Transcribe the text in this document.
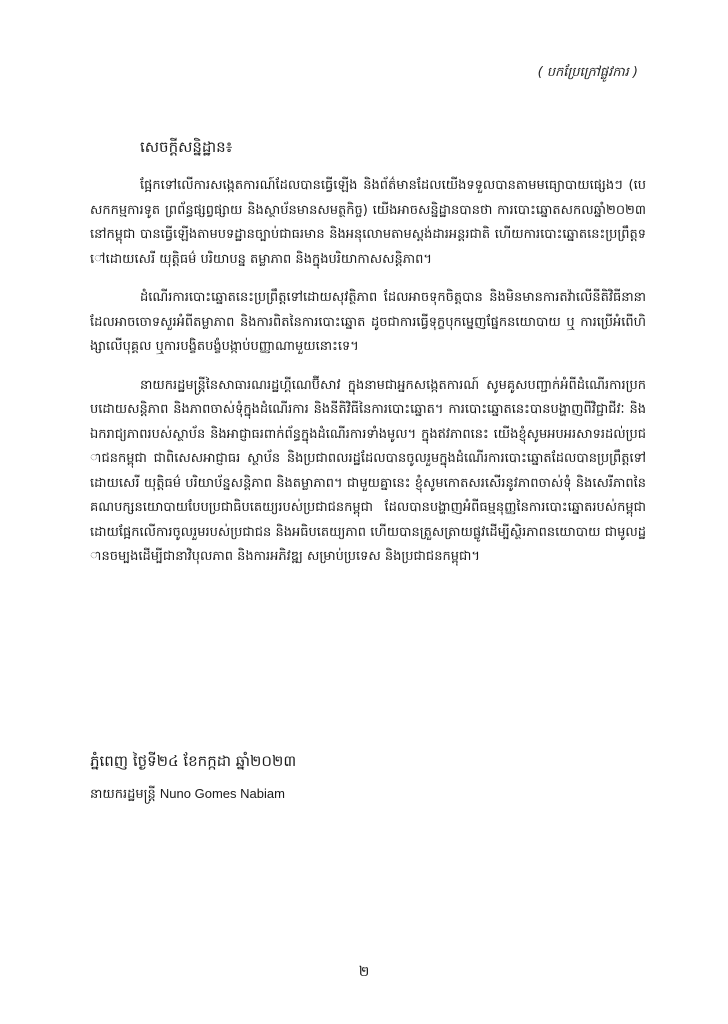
( បកប្រែក្រៅផ្លូវការ )
សេចក្តីសន្និដ្ឋាន៖

ផ្អែកទៅលើការសង្កេតការណ៍ដែលបានធ្វើឡើង និងព័ត៌មានដែលយើងទទួលបានតាមមធ្យោបាយផ្សេងៗ (បេសកកម្មការទូត ព្រព័ន្ធផ្សព្វផ្សាយ និងស្ថាប័នមានសមត្ថកិច្ច) យើងអាចសន្និដ្ឋានបានថា ការបោះឆ្នោតសកលឆ្នាំ២០២៣នៅកម្ពុជា បានធ្វើឡើងតាមបទដ្ឋានច្បាប់ជាធរមាន និងអនុលោមតាមស្តង់ដារអន្តរជាតិ ហើយការបោះឆ្នោតនេះប្រព្រឹត្តទៅដោយសេរី យុត្តិធម៌ បរិយាបន្ន តម្លាភាព និងក្នុងបរិយាកាសសន្តិភាព។

ដំណើរការបោះឆ្នោតនេះប្រព្រឹត្តទៅដោយសុវត្ថិភាព ដែលអាចទុកចិត្តបាន និងមិនមានការតវ៉ាលើនីតិវិធីនានា ដែលអាចចោទសួរអំពីតម្លាភាព និងការពិតនៃការបោះឆ្នោត ដូចជាការធ្វើទុក្ខបុកម្នេញផ្នែកនយោបាយ ឬ ការប្រើអំពើហិង្សាលើបុគ្គល ឬការបង្ខិតបង្ខំបង្កាប់បញ្ញាណាមួយនោះទេ។

នាយករដ្ឋមន្ត្រីនៃសាធារណរដ្ឋហ្គីណេប៊ីសាវ ក្នុងនាមជាអ្នកសង្កេតការណ៍ សូមគូសបញ្ជាក់អំពីដំណើរការប្រកបដោយសន្តិភាព និងភាពចាស់ទុំក្នុងដំណើរការ និងនីតិវិធីនៃការបោះឆ្នោត។ ការបោះឆ្នោតនេះបានបង្ហាញពីវិជ្ជាជីវៈ និងឯករាជ្យភាពរបស់ស្ថាប័ន និងអាជ្ញាធរពាក់ព័ន្ធក្នុងដំណើរការទាំងមូល។ ក្នុងឥវភាពនេះ យើងខ្ញុំសូមអបអរសាទរដល់ប្រជាជនកម្ពុជា ជាពិសេសអាជ្ញាធរ ស្ថាប័ន និងប្រជាពលរដ្ឋដែលបានចូលរួមក្នុងដំណើរការបោះឆ្នោតដែលបានប្រព្រឹត្តទៅដោយសេរី យុត្តិធម៌ បរិយាប័ន្នសន្តិភាព និងតម្លាភាព។ ជាមួយគ្នានេះ ខ្ញុំសូមកោតសរសើរនូវភាពចាស់ទុំ និងសេរីភាពនៃគណបក្សនយោបាយបែបប្រជាធិបតេយ្យរបស់ប្រជាជនកម្ពុជា ដែលបានបង្ហាញអំពីធម្មនុញ្ញនៃការបោះឆ្នោតរបស់កម្ពុជា ដោយផ្អែកលើការចូលរួមរបស់ប្រជាជន និងអធិបតេយ្យភាព ហើយបានត្រួសត្រាយផ្លូវដើម្បីស្ថិរភាពនយោបាយ ជាមូលដ្ឋានចម្បងដើម្បីជានាវិបុលភាព និងការអភិវឌ្ឍ សម្រាប់ប្រទេស និងប្រជាជនកម្ពុជា។

ភ្នំពេញ ថ្ងៃទី២៤ ខែកក្កដា ឆ្នាំ២០២៣
នាយករដ្ឋមន្ត្រី Nuno Gomes Nabiam
២
